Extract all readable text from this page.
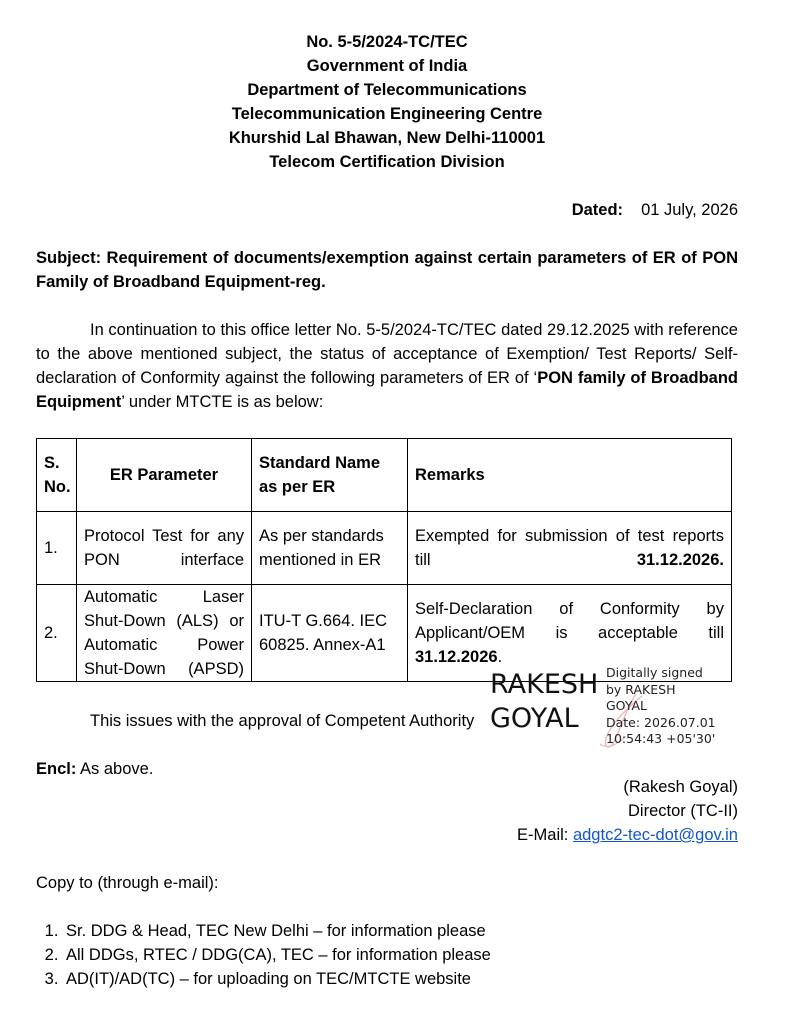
No. 5-5/2024-TC/TEC

Government of India

Department of Telecommunications

Telecommunication Engineering Centre

Khurshid Lal Bhawan, New Delhi-110001

Telecom Certification Division

Dated: 01 July, 2026
Subject: Requirement of documents/exemption against certain parameters of ER of PON Family of Broadband Equipment-reg.
In continuation to this office letter No. 5-5/2024-TC/TEC dated 29.12.2025 with reference to the above mentioned subject, the status of acceptance of Exemption/ Test Reports/ Self-declaration of Conformity against the following parameters of ER of ‘PON family of Broadband Equipment’ under MTCTE is as below:
S. No.	ER Parameter	Standard Name as per ER	Remarks
1.	Protocol Test for any PON interface	As per standards mentioned in ER	Exempted for submission of test reports till 31.12.2026.
2.	Automatic Laser Shut-Down (ALS) or Automatic Power Shut-Down (APSD)	ITU-T G.664. IEC 60825. Annex-A1	Self-Declaration of Conformity by Applicant/OEM is acceptable till 31.12.2026.
This issues with the approval of Competent Authority
Encl: As above.
(Rakesh Goyal)
Director (TC-II)
E-Mail: adgtc2-tec-dot@gov.in
Copy to (through e-mail):
1. Sr. DDG & Head, TEC New Delhi – for information please
2. All DDGs, RTEC / DDG(CA), TEC – for information please
3. AD(IT)/AD(TC) – for uploading on TEC/MTCTE website
RAKESH
GOYAL
Digitally signed
by RAKESH
GOYAL
Date: 2026.07.01
10:54:43 +05'30'
